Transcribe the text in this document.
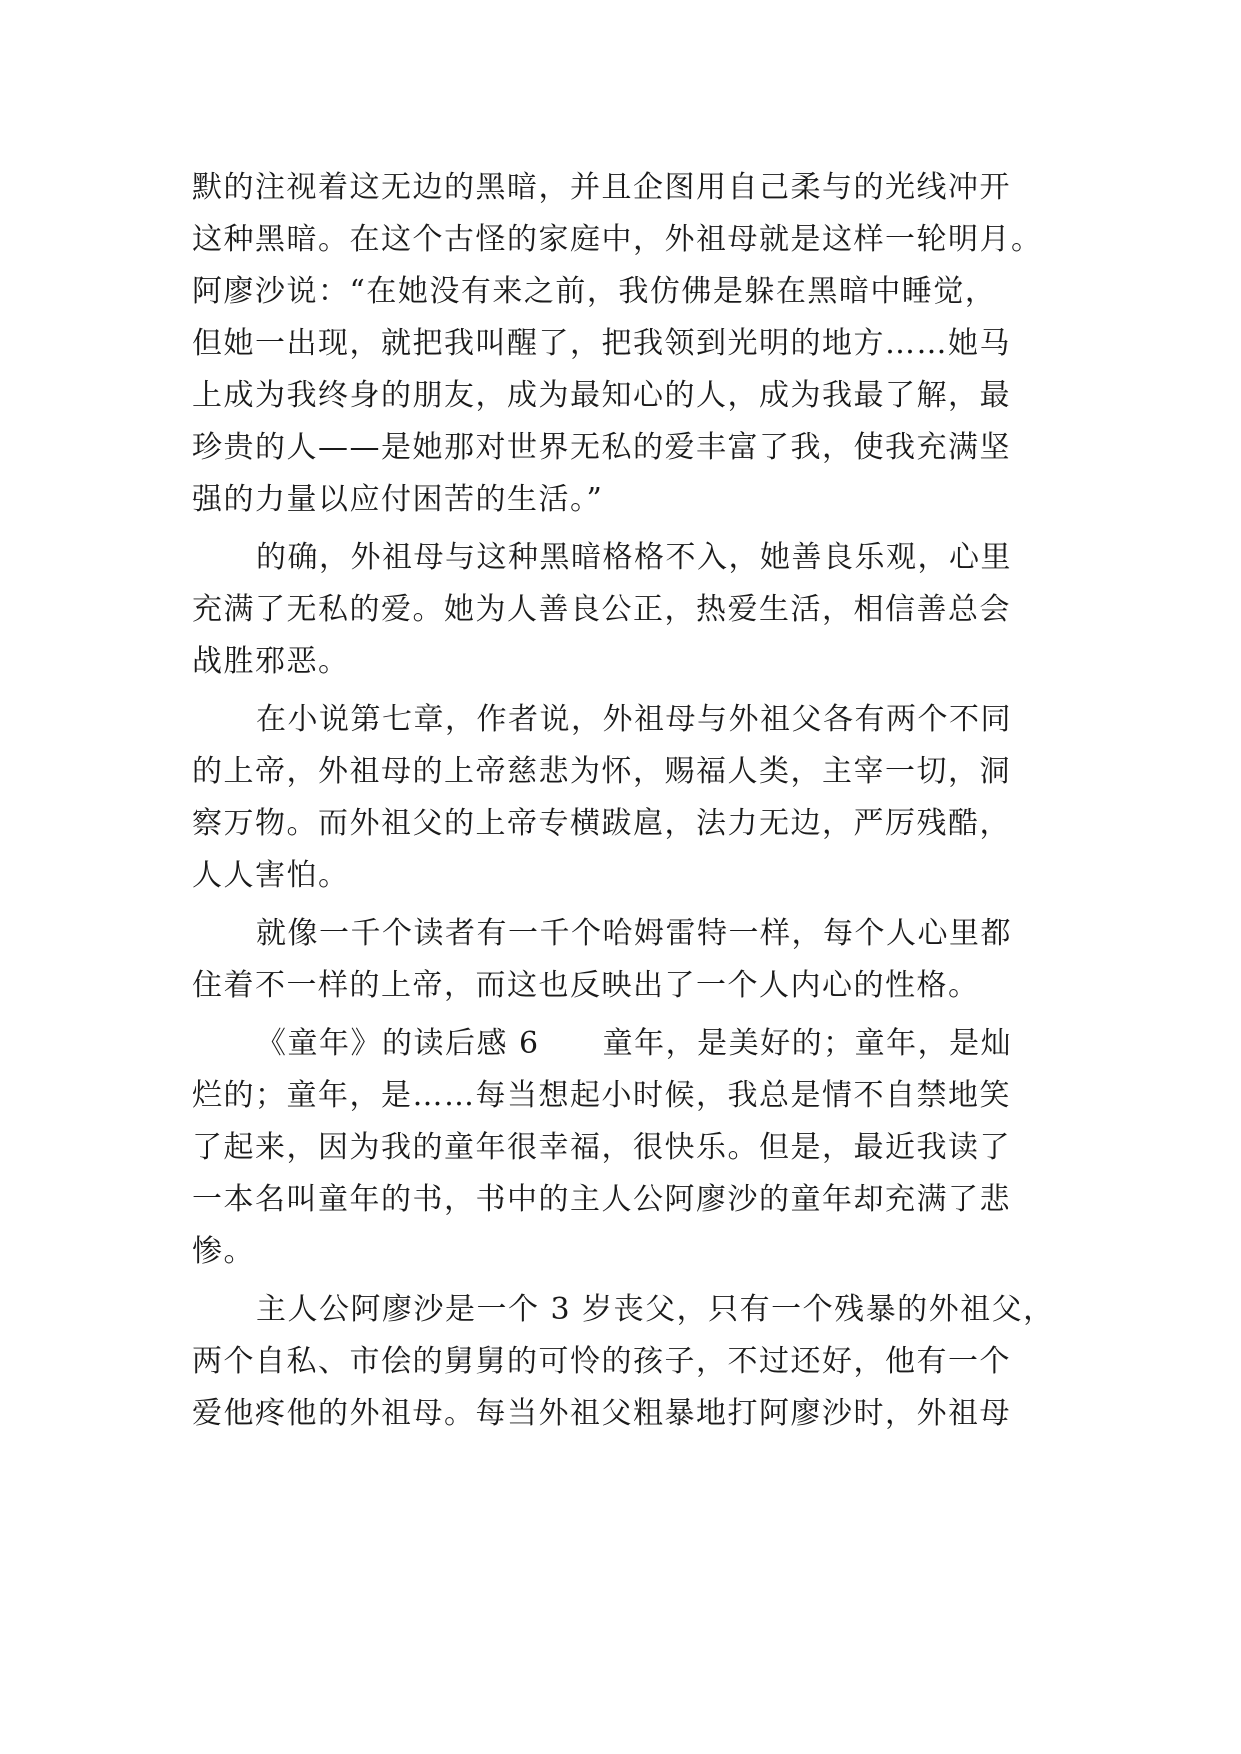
默的注视着这无边的黑暗，并且企图用自己柔与的光线冲开
这种黑暗。在这个古怪的家庭中，外祖母就是这样一轮明月。
阿廖沙说：“在她没有来之前，我仿佛是躲在黑暗中睡觉，
但她一出现，就把我叫醒了，把我领到光明的地方……她马
上成为我终身的朋友，成为最知心的人，成为我最了解，最
珍贵的人——是她那对世界无私的爱丰富了我，使我充满坚
强的力量以应付困苦的生活。”
的确，外祖母与这种黑暗格格不入，她善良乐观，心里
充满了无私的爱。她为人善良公正，热爱生活，相信善总会
战胜邪恶。
在小说第七章，作者说，外祖母与外祖父各有两个不同
的上帝，外祖母的上帝慈悲为怀，赐福人类，主宰一切，洞
察万物。而外祖父的上帝专横跋扈，法力无边，严厉残酷，
人人害怕。
就像一千个读者有一千个哈姆雷特一样，每个人心里都
住着不一样的上帝，而这也反映出了一个人内心的性格。
《童年》的读后感 6　　童年，是美好的；童年，是灿
烂的；童年，是……每当想起小时候，我总是情不自禁地笑
了起来，因为我的童年很幸福，很快乐。但是，最近我读了
一本名叫童年的书，书中的主人公阿廖沙的童年却充满了悲
惨。
主人公阿廖沙是一个 3 岁丧父，只有一个残暴的外祖父，
两个自私、市侩的舅舅的可怜的孩子，不过还好，他有一个
爱他疼他的外祖母。每当外祖父粗暴地打阿廖沙时，外祖母
